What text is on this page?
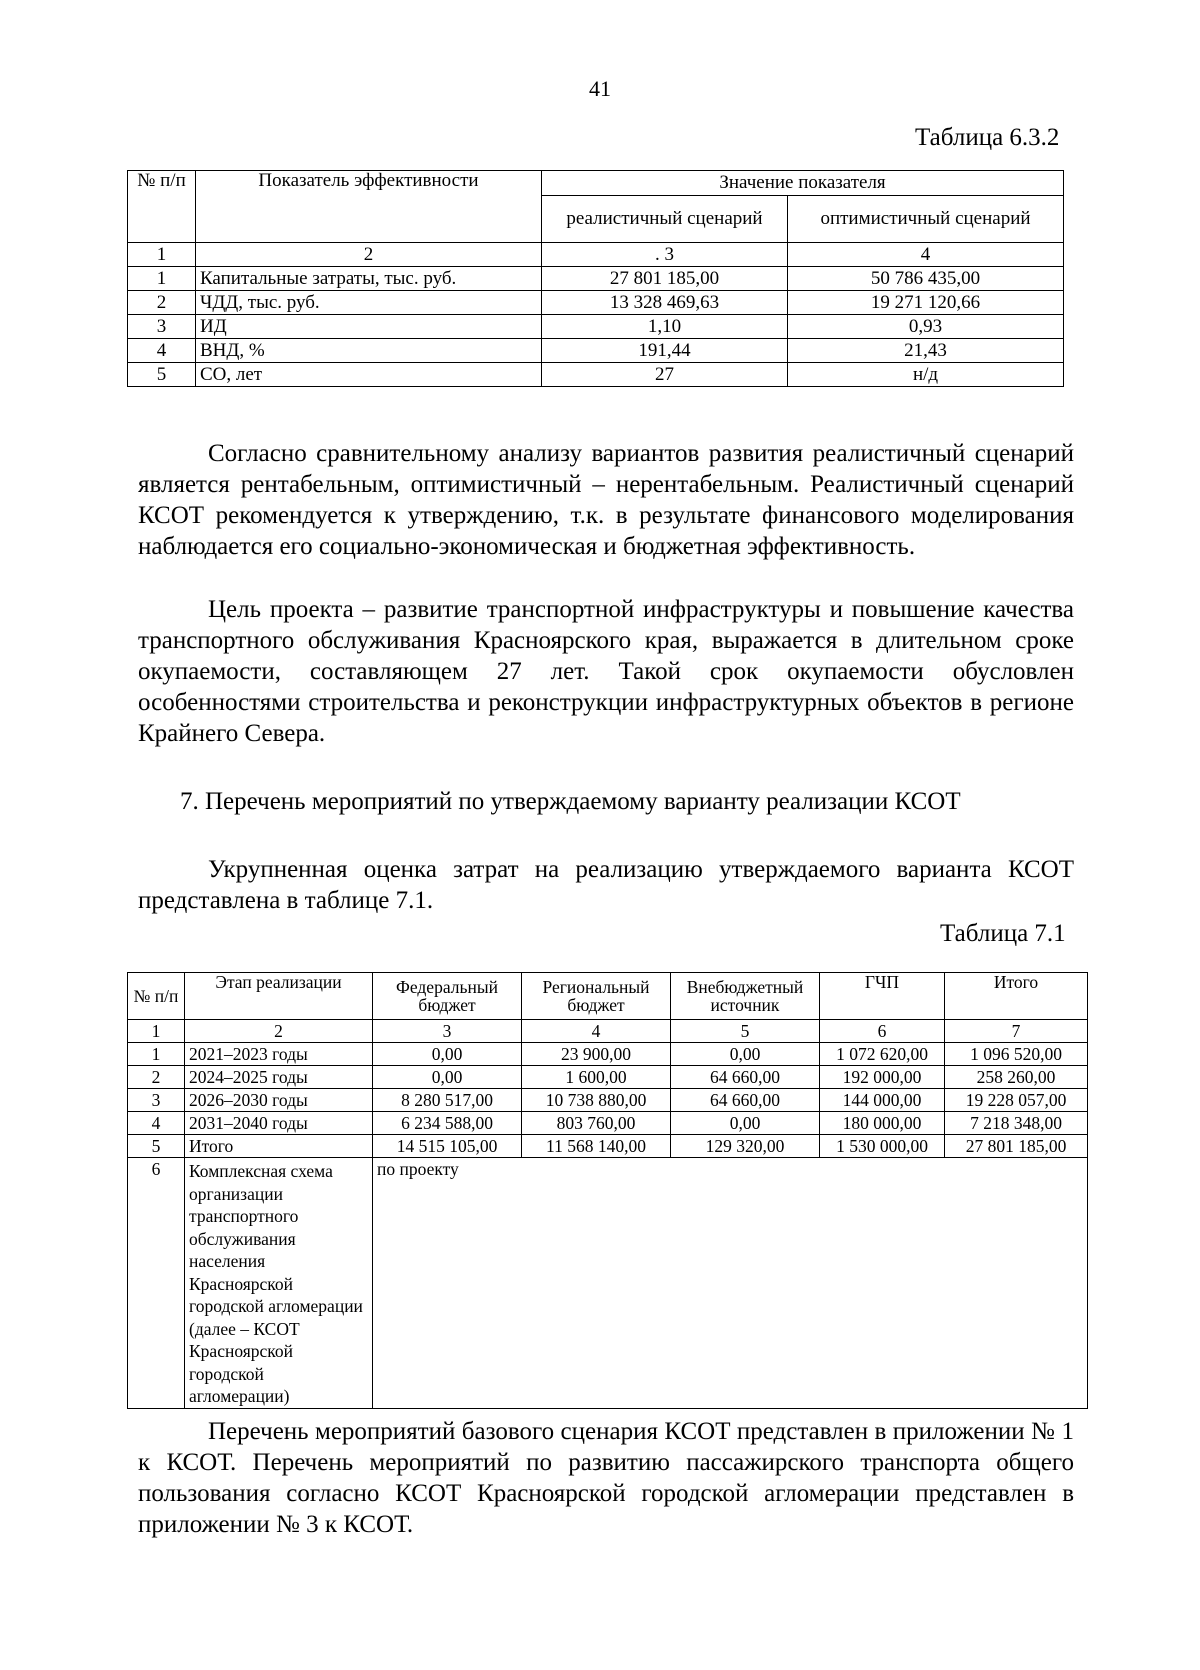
41
Таблица 6.3.2
№ п/п	Показатель эффективности	Значение показателя	
		реалистичный сценарий	оптимистичный сценарий
1	2	. 3	4
1	Капитальные затраты, тыс. руб.	27 801 185,00	50 786 435,00
2	ЧДД, тыс. руб.	13 328 469,63	19 271 120,66
3	ИД	1,10	0,93
4	ВНД, %	191,44	21,43
5	СО, лет	27	н/д

Согласно сравнительному анализу вариантов развития реалистичный сценарий является рентабельным, оптимистичный – нерентабельным. Реалистичный сценарий КСОТ рекомендуется к утверждению, т.к. в результате финансового моделирования наблюдается его социально-экономическая и бюджетная эффективность.

Цель проекта – развитие транспортной инфраструктуры и повышение качества транспортного обслуживания Красноярского края, выражается в длительном сроке окупаемости, составляющем 27 лет. Такой срок окупаемости обусловлен особенностями строительства и реконструкции инфраструктурных объектов в регионе Крайнего Севера.

7. Перечень мероприятий по утверждаемому варианту реализации КСОТ

Укрупненная оценка затрат на реализацию утверждаемого варианта КСОТ представлена в таблице 7.1.

Таблица 7.1
№ п/п	Этап реализации	Федеральный бюджет	Региональный бюджет	Внебюджетный источник	ГЧП	Итого
1	2	3	4	5	6	7
1	2021–2023 годы	0,00	23 900,00	0,00	1 072 620,00	1 096 520,00
2	2024–2025 годы	0,00	1 600,00	64 660,00	192 000,00	258 260,00
3	2026–2030 годы	8 280 517,00	10 738 880,00	64 660,00	144 000,00	19 228 057,00
4	2031–2040 годы	6 234 588,00	803 760,00	0,00	180 000,00	7 218 348,00
5	Итого	14 515 105,00	11 568 140,00	129 320,00	1 530 000,00	27 801 185,00
6	Комплексная схема организации транспортного обслуживания населения Красноярской городской агломерации (далее – КСОТ Красноярской городской агломерации)	по проекту				

Перечень мероприятий базового сценария КСОТ представлен в приложении № 1 к КСОТ. Перечень мероприятий по развитию пассажирского транспорта общего пользования согласно КСОТ Красноярской городской агломерации представлен в приложении № 3 к КСОТ.
